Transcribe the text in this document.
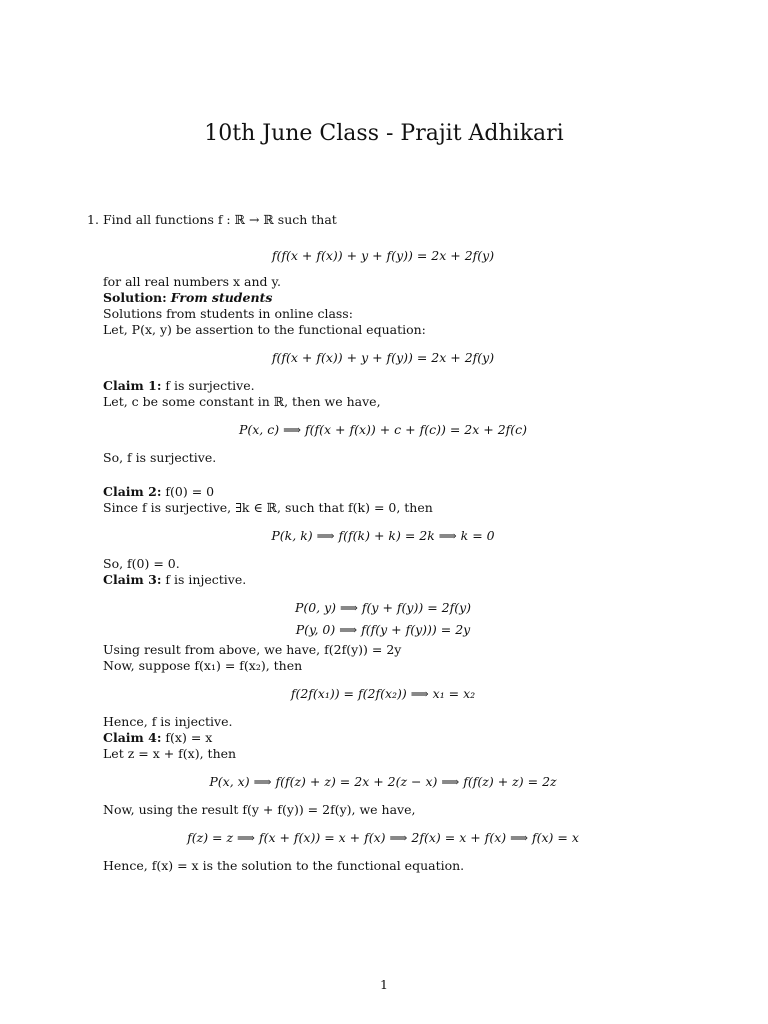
10th June Class - Prajit Adhikari
1. Find all functions f : ℝ → ℝ such that

f(f(x + f(x)) + y + f(y)) = 2x + 2f(y)

for all real numbers x and y.

Solution: From students

Solutions from students in online class:

Let, P(x, y) be assertion to the functional equation:

f(f(x + f(x)) + y + f(y)) = 2x + 2f(y)

Claim 1: f is surjective.

Let, c be some constant in ℝ, then we have,

P(x, c) ⟹ f(f(x + f(x)) + c + f(c)) = 2x + 2f(c)

So, f is surjective.

Claim 2: f(0) = 0

Since f is surjective, ∃k ∈ ℝ, such that f(k) = 0, then

P(k, k) ⟹ f(f(k) + k) = 2k ⟹ k = 0

So, f(0) = 0.

Claim 3: f is injective.

P(0, y) ⟹ f(y + f(y)) = 2f(y)

P(y, 0) ⟹ f(f(y + f(y))) = 2y

Using result from above, we have, f(2f(y)) = 2y

Now, suppose f(x₁) = f(x₂), then

f(2f(x₁)) = f(2f(x₂)) ⟹ x₁ = x₂

Hence, f is injective.

Claim 4: f(x) = x

Let z = x + f(x), then

P(x, x) ⟹ f(f(z) + z) = 2x + 2(z − x) ⟹ f(f(z) + z) = 2z

Now, using the result f(y + f(y)) = 2f(y), we have,

f(z) = z ⟹ f(x + f(x)) = x + f(x) ⟹ 2f(x) = x + f(x) ⟹ f(x) = x

Hence, f(x) = x is the solution to the functional equation.

1
